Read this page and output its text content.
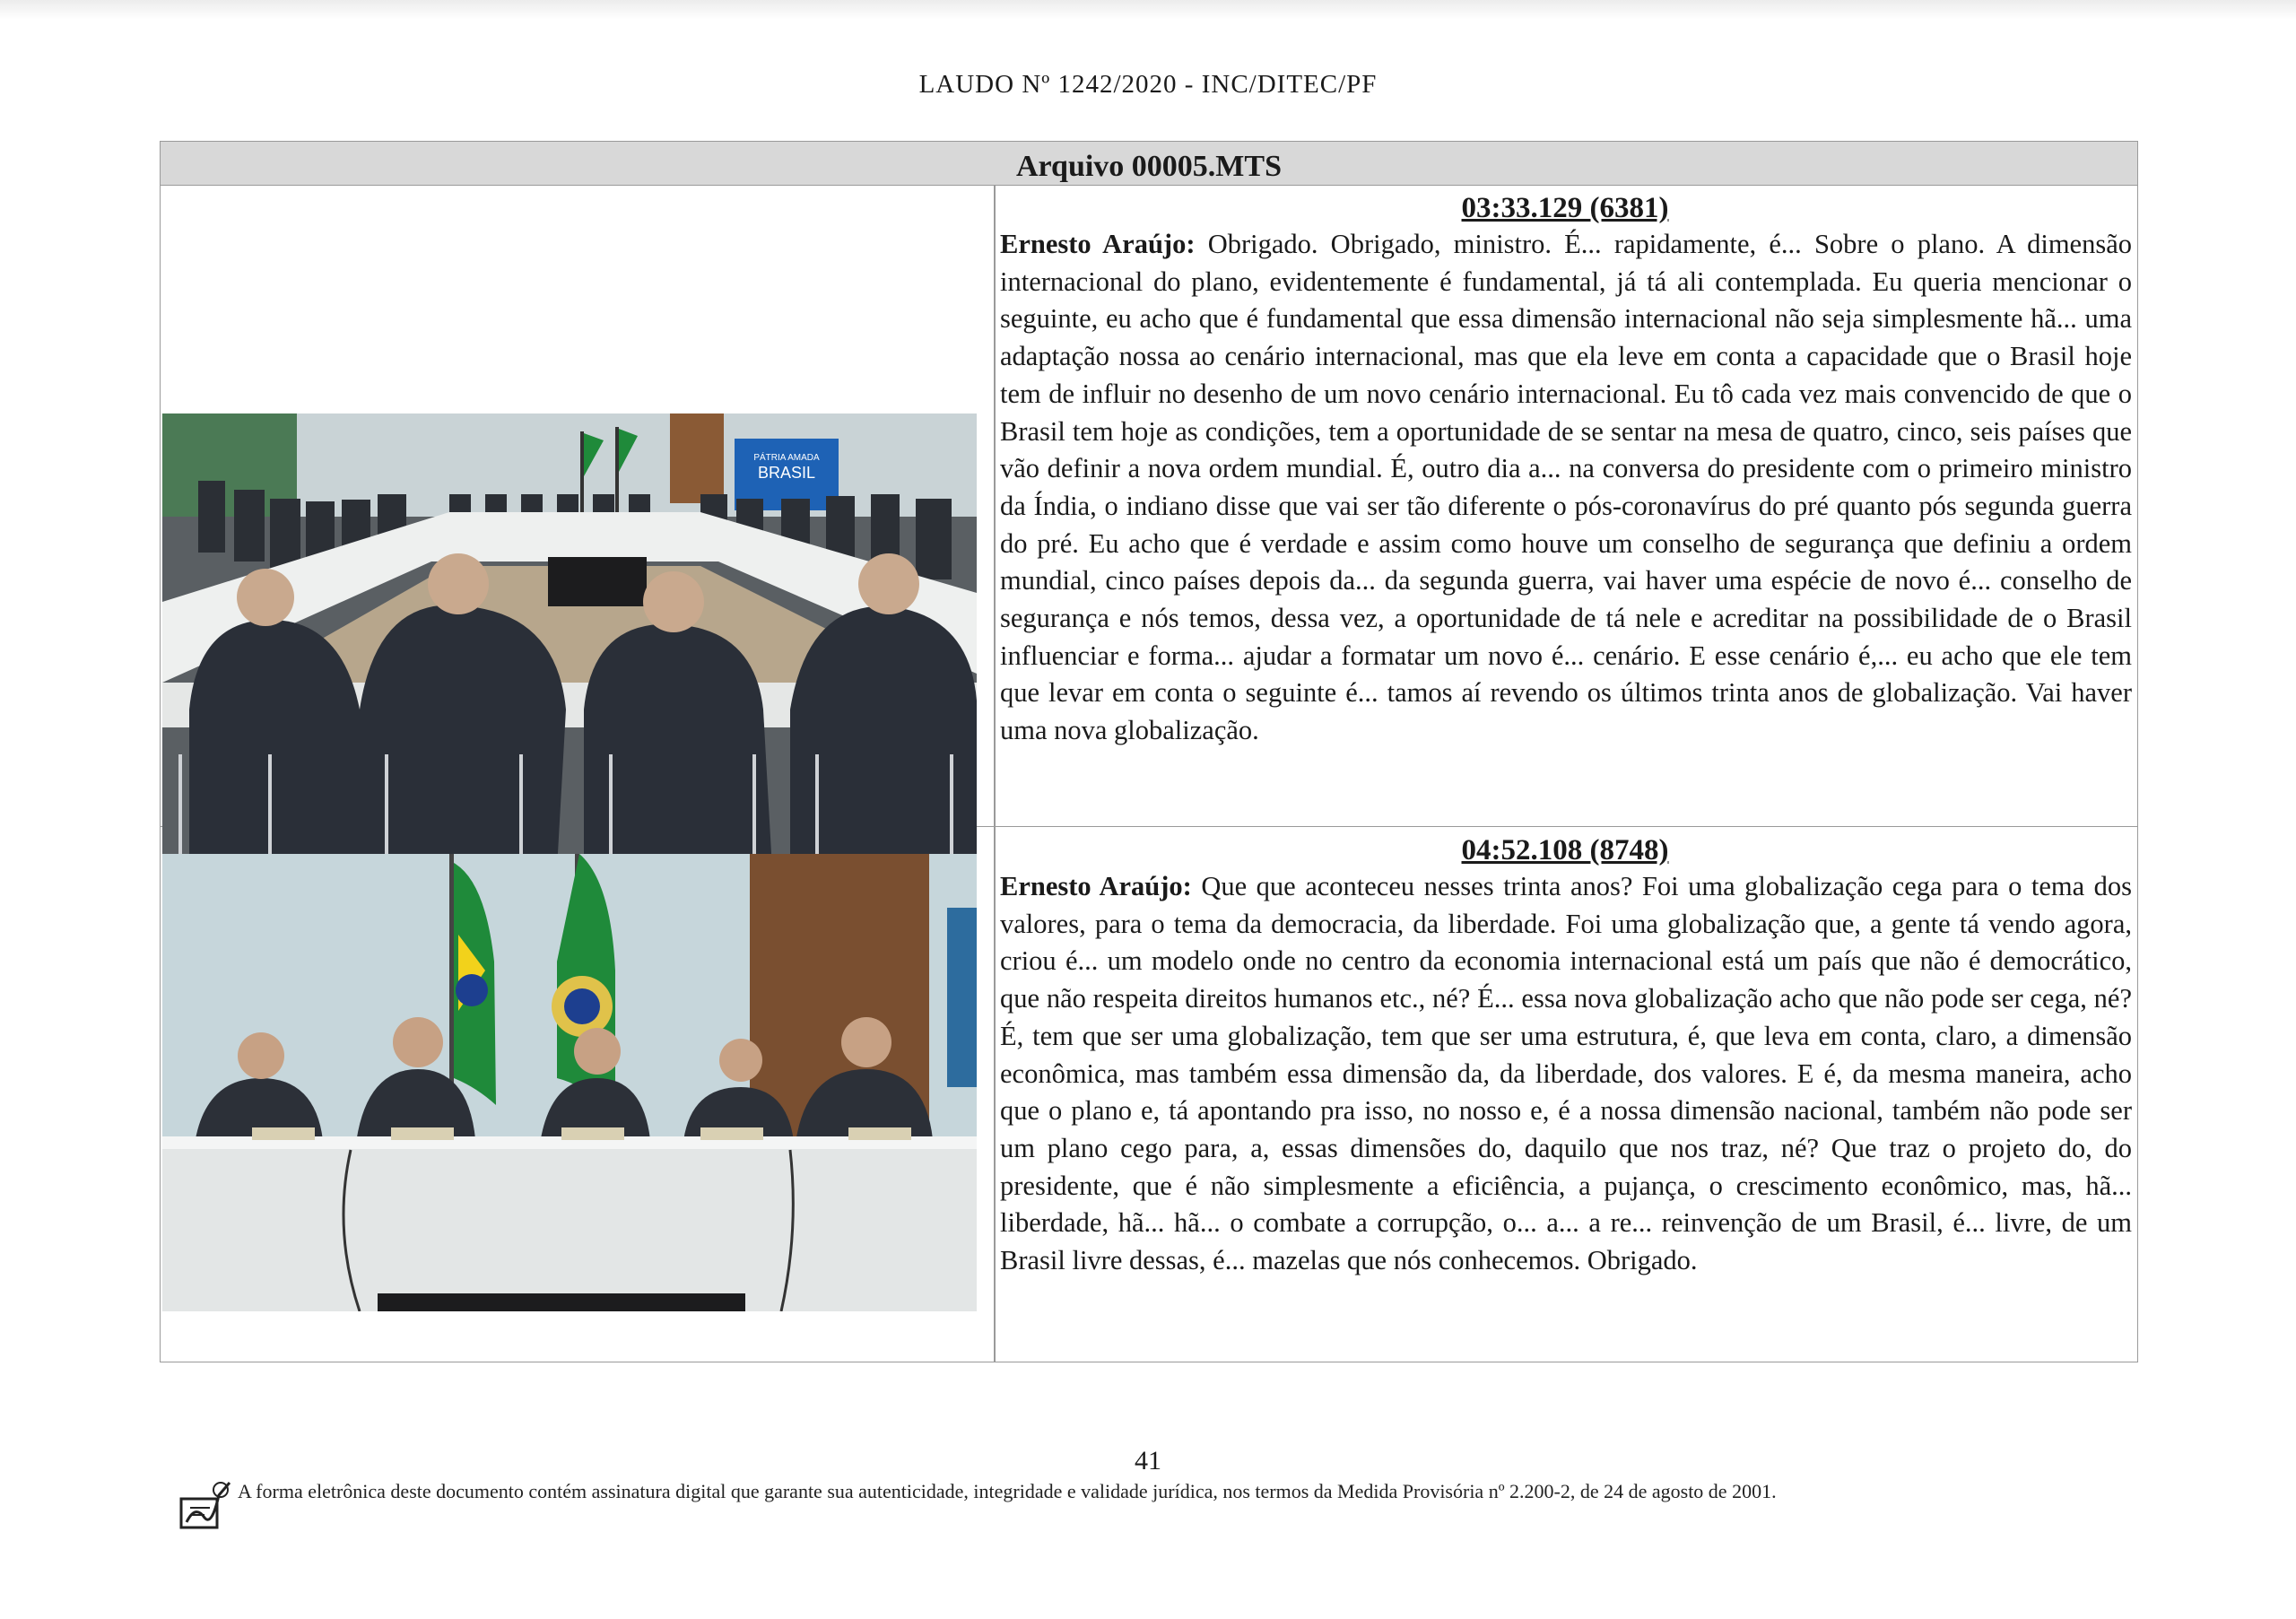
LAUDO Nº 1242/2020 - INC/DITEC/PF
Arquivo 00005.MTS
PÁTRIA AMADA
BRASIL
03:33.129 (6381)

Ernesto Araújo: Obrigado. Obrigado, ministro. É... rapidamente, é... Sobre o plano. A dimensão internacional do plano, evidentemente é fundamental, já tá ali contemplada. Eu queria mencionar o seguinte, eu acho que é fundamental que essa dimensão internacional não seja simplesmente hã... uma adaptação nossa ao cenário internacional, mas que ela leve em conta a capacidade que o Brasil hoje tem de influir no desenho de um novo cenário internacional. Eu tô cada vez mais convencido de que o Brasil tem hoje as condições, tem a oportunidade de se sentar na mesa de quatro, cinco, seis países que vão definir a nova ordem mundial. É, outro dia a... na conversa do presidente com o primeiro ministro da Índia, o indiano disse que vai ser tão diferente o pós-coronavírus do pré quanto pós segunda guerra do pré. Eu acho que é verdade e assim como houve um conselho de segurança que definiu a ordem mundial, cinco países depois da... da segunda guerra, vai haver uma espécie de novo é... conselho de segurança e nós temos, dessa vez, a oportunidade de tá nele e acreditar na possibilidade de o Brasil influenciar e forma... ajudar a formatar um novo é... cenário. E esse cenário é,... eu acho que ele tem que levar em conta o seguinte é... tamos aí revendo os últimos trinta anos de globalização. Vai haver uma nova globalização.

04:52.108 (8748)

Ernesto Araújo: Que que aconteceu nesses trinta anos? Foi uma globalização cega para o tema dos valores, para o tema da democracia, da liberdade. Foi uma globalização que, a gente tá vendo agora, criou é... um modelo onde no centro da economia internacional está um país que não é democrático, que não respeita direitos humanos etc., né? É... essa nova globalização acho que não pode ser cega, né? É, tem que ser uma globalização, tem que ser uma estrutura, é, que leva em conta, claro, a dimensão econômica, mas também essa dimensão da, da liberdade, dos valores. E é, da mesma maneira, acho que o plano e, tá apontando pra isso, no nosso e, é a nossa dimensão nacional, também não pode ser um plano cego para, a, essas dimensões do, daquilo que nos traz, né? Que traz o projeto do, do presidente, que é não simplesmente a eficiência, a pujança, o crescimento econômico, mas, hã... liberdade, hã... hã... o combate a corrupção, o... a... a re... reinvenção de um Brasil, é... livre, de um Brasil livre dessas, é... mazelas que nós conhecemos. Obrigado.

41
A forma eletrônica deste documento contém assinatura digital que garante sua autenticidade, integridade e validade jurídica, nos termos da Medida Provisória nº 2.200-2, de 24 de agosto de 2001.
